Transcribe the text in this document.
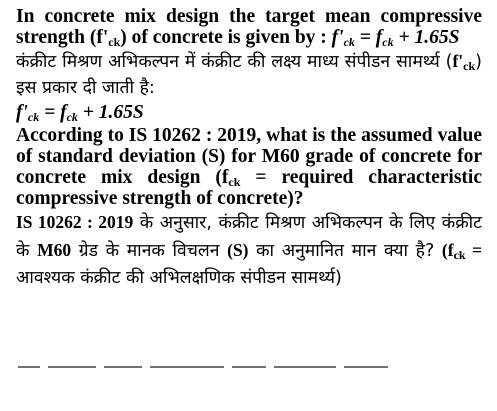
In concrete mix design the target mean compressive strength $(f'_{ck})$ of concrete is given by : $f'_{ck} = f_{ck} + 1.65S$

कंक्रीट मिश्रण अभिकल्पन में कंक्रीट की लक्ष्य माध्य संपीडन सामर्थ्य $(f'_{ck})$ इस प्रकार दी जाती है:

$f'_{ck} = f_{ck} + 1.65S$

According to IS 10262 : 2019, what is the assumed value of standard deviation (S) for M60 grade of concrete for concrete mix design ($f_{ck}$ = required characteristic compressive strength of concrete)?

IS 10262 : 2019 के अनुसार, कंक्रीट मिश्रण अभिकल्पन के लिए कंक्रीट के M60 ग्रेड के मानक विचलन (S) का अनुमानित मान क्या है? ($f_{ck}$ = आवश्यक कंक्रीट की अभिलक्षणिक संपीडन सामर्थ्य)
